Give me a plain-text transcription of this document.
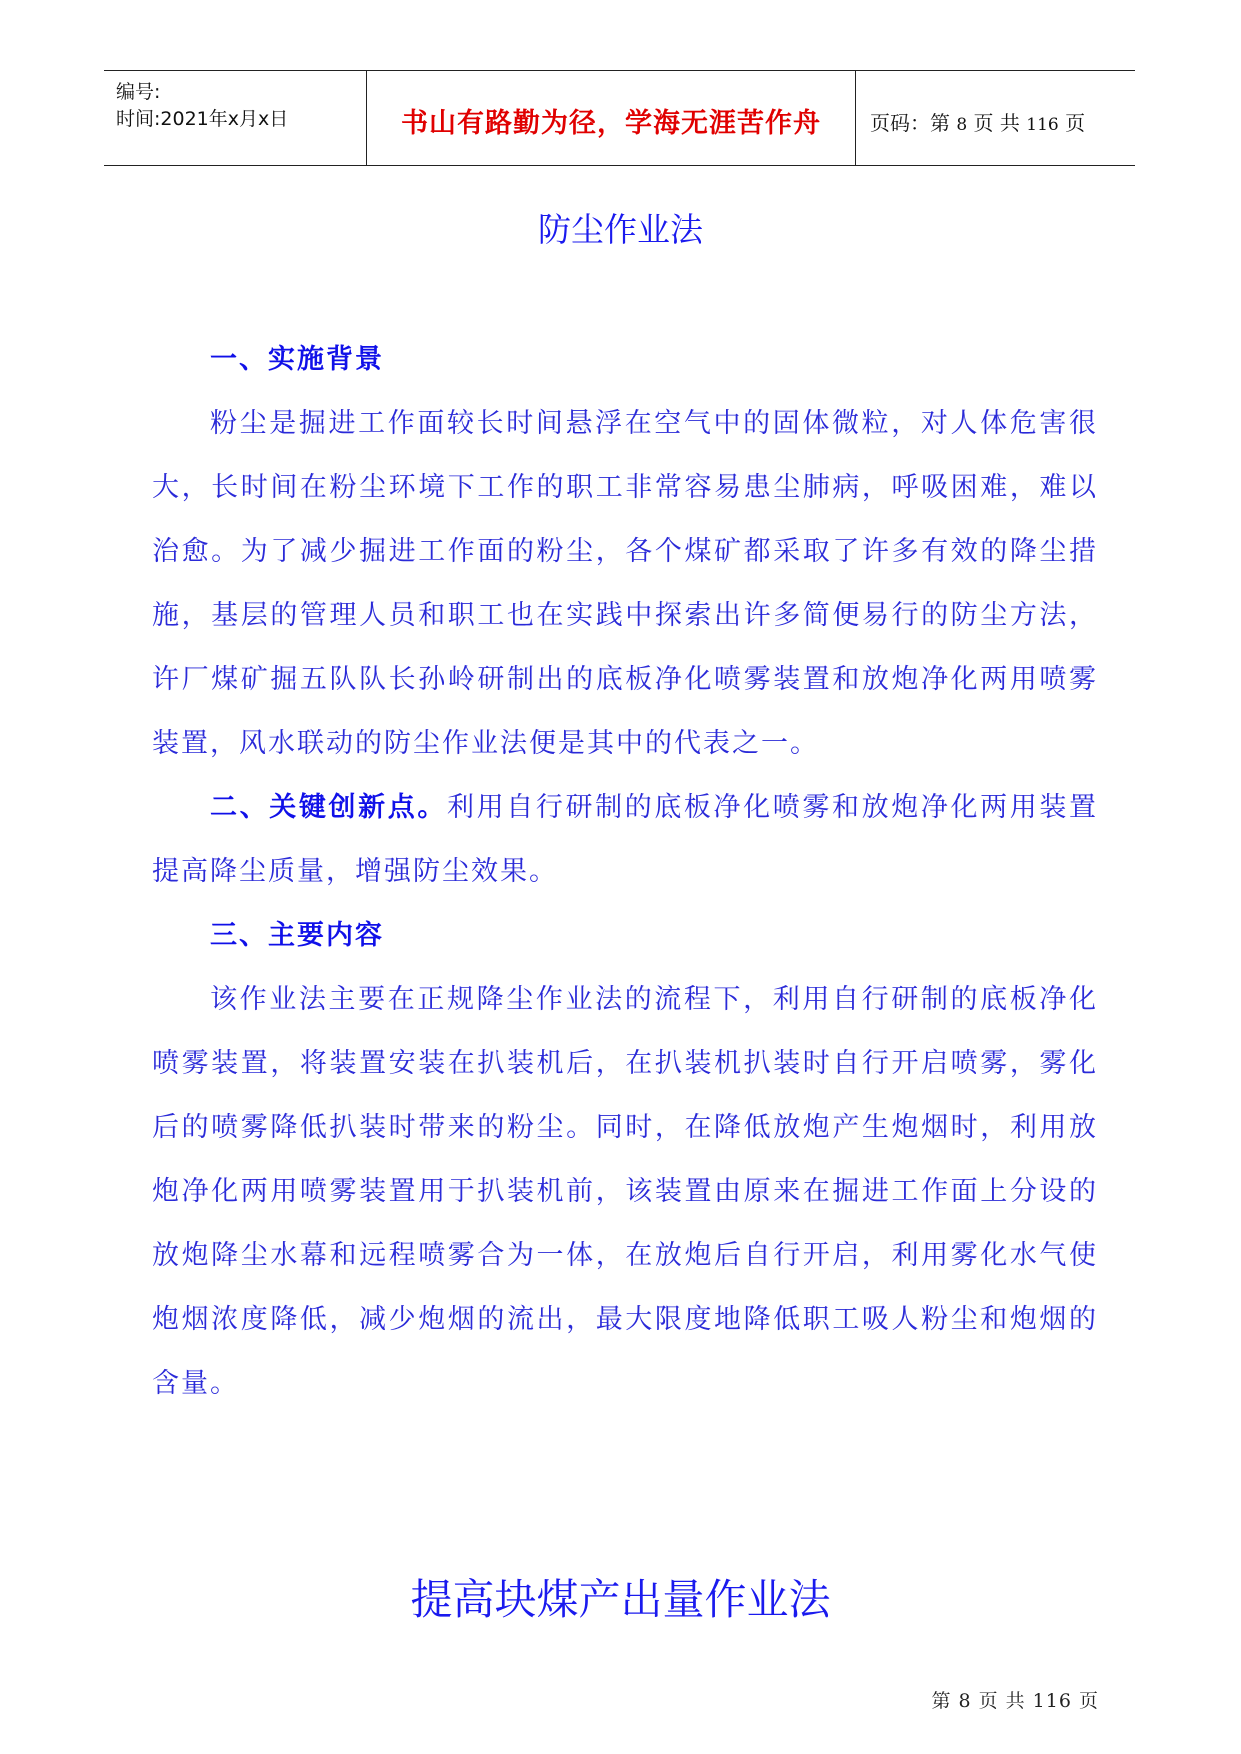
编号:
时间:2021年x月x日	书山有路勤为径，学海无涯苦作舟	页码：第 8 页 共 116 页
防尘作业法

一、实施背景

粉尘是掘进工作面较长时间悬浮在空气中的固体微粒，对人体危害很大，长时间在粉尘环境下工作的职工非常容易患尘肺病，呼吸困难，难以治愈。为了减少掘进工作面的粉尘，各个煤矿都采取了许多有效的降尘措施，基层的管理人员和职工也在实践中探索出许多简便易行的防尘方法，许厂煤矿掘五队队长孙岭研制出的底板净化喷雾装置和放炮净化两用喷雾装置，风水联动的防尘作业法便是其中的代表之一。

二、关键创新点。利用自行研制的底板净化喷雾和放炮净化两用装置提高降尘质量，增强防尘效果。

三、主要内容

该作业法主要在正规降尘作业法的流程下，利用自行研制的底板净化喷雾装置，将装置安装在扒装机后，在扒装机扒装时自行开启喷雾，雾化后的喷雾降低扒装时带来的粉尘。同时，在降低放炮产生炮烟时，利用放炮净化两用喷雾装置用于扒装机前，该装置由原来在掘进工作面上分设的放炮降尘水幕和远程喷雾合为一体，在放炮后自行开启，利用雾化水气使炮烟浓度降低，减少炮烟的流出，最大限度地降低职工吸人粉尘和炮烟的含量。

提高块煤产出量作业法
第 8 页 共 116 页
